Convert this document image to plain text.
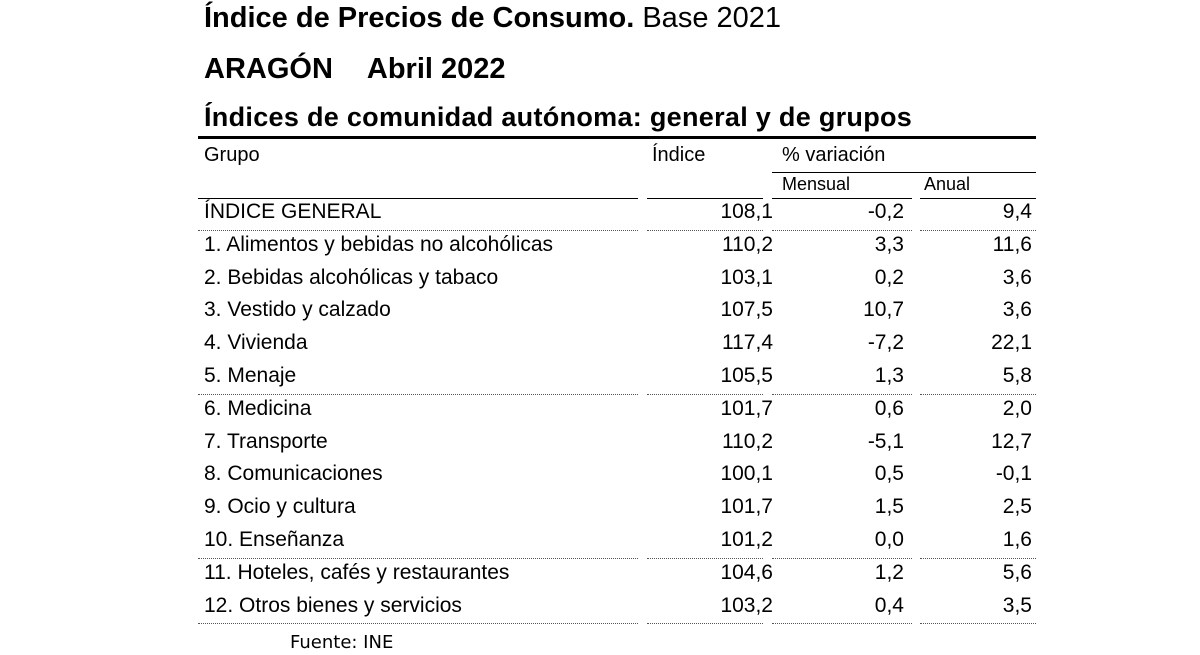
Índice de Precios de Consumo. Base 2021
ARAGÓN Abril 2022
Índices de comunidad autónoma: general y de grupos
Grupo	Índice	% variación
Mensual	Anual
ÍNDICE GENERAL	108,1	-0,2	9,4
1. Alimentos y bebidas no alcohólicas	110,2	3,3	11,6
2. Bebidas alcohólicas y tabaco	103,1	0,2	3,6
3. Vestido y calzado	107,5	10,7	3,6
4. Vivienda	117,4	-7,2	22,1
5. Menaje	105,5	1,3	5,8
6. Medicina	101,7	0,6	2,0
7. Transporte	110,2	-5,1	12,7
8. Comunicaciones	100,1	0,5	-0,1
9. Ocio y cultura	101,7	1,5	2,5
10. Enseñanza	101,2	0,0	1,6
11. Hoteles, cafés y restaurantes	104,6	1,2	5,6
12. Otros bienes y servicios	103,2	0,4	3,5
Fuente: INE
